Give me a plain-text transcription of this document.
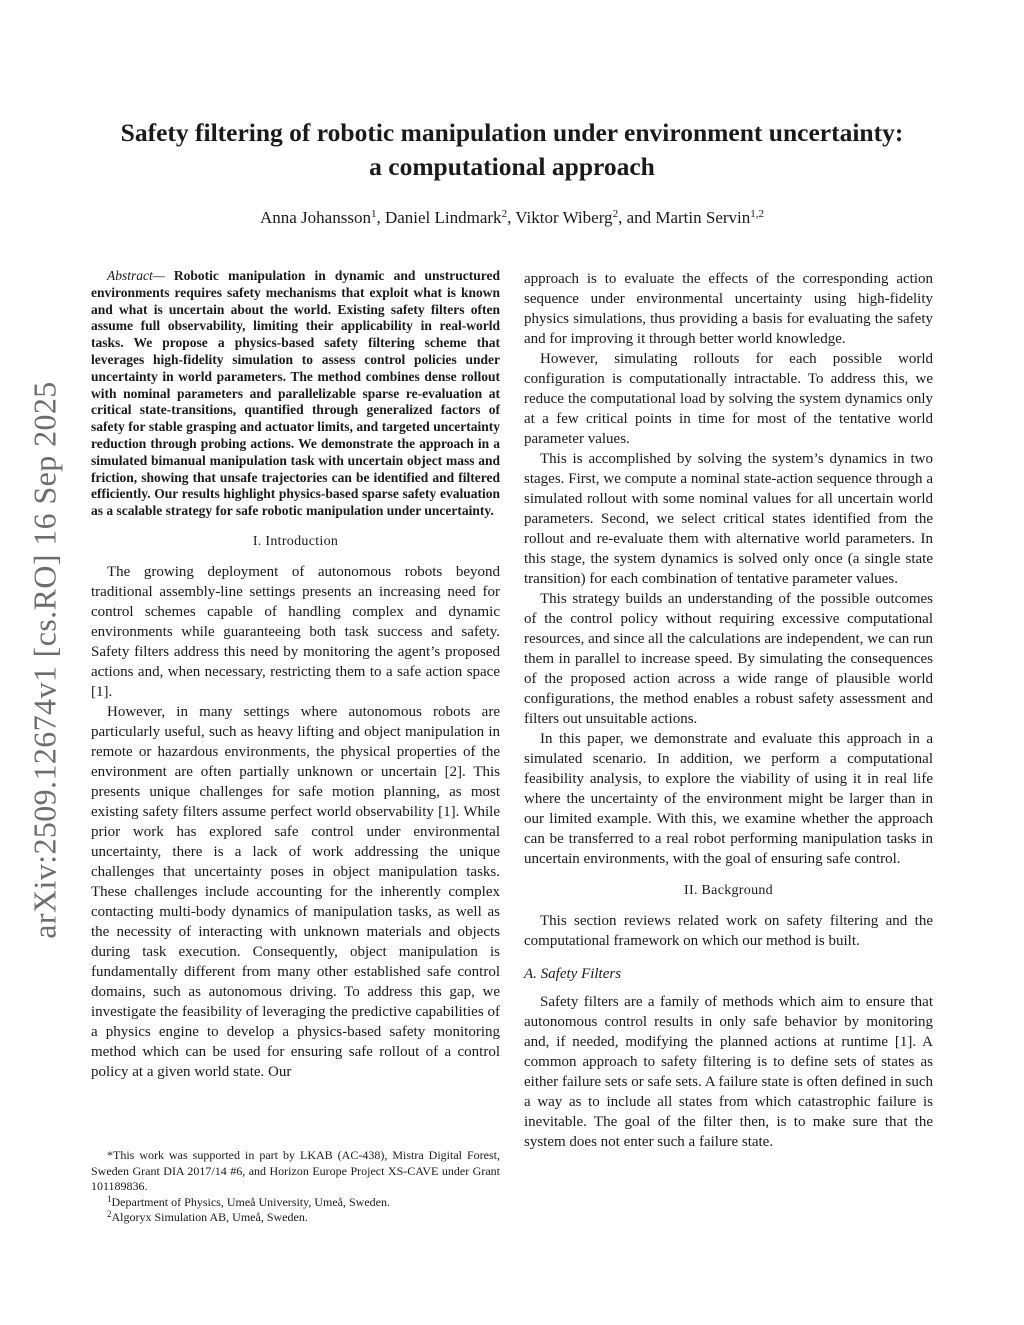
arXiv:2509.12674v1 [cs.RO] 16 Sep 2025
Safety filtering of robotic manipulation under environment uncertainty:
a computational approach

Anna Johansson$^1$, Daniel Lindmark$^2$, Viktor Wiberg$^2$, and Martin Servin$^{1,2}$

Abstract— Robotic manipulation in dynamic and unstructured environments requires safety mechanisms that exploit what is known and what is uncertain about the world. Existing safety filters often assume full observability, limiting their applicability in real-world tasks. We propose a physics-based safety filtering scheme that leverages high-fidelity simulation to assess control policies under uncertainty in world parameters. The method combines dense rollout with nominal parameters and parallelizable sparse re-evaluation at critical state-transitions, quantified through generalized factors of safety for stable grasping and actuator limits, and targeted uncertainty reduction through probing actions. We demonstrate the approach in a simulated bimanual manipulation task with uncertain object mass and friction, showing that unsafe trajectories can be identified and filtered efficiently. Our results highlight physics-based sparse safety evaluation as a scalable strategy for safe robotic manipulation under uncertainty.

I. Introduction

The growing deployment of autonomous robots beyond traditional assembly-line settings presents an increasing need for control schemes capable of handling complex and dynamic environments while guaranteeing both task success and safety. Safety filters address this need by monitoring the agent’s proposed actions and, when necessary, restricting them to a safe action space [1].

However, in many settings where autonomous robots are particularly useful, such as heavy lifting and object manipulation in remote or hazardous environments, the physical properties of the environment are often partially unknown or uncertain [2]. This presents unique challenges for safe motion planning, as most existing safety filters assume perfect world observability [1]. While prior work has explored safe control under environmental uncertainty, there is a lack of work addressing the unique challenges that uncertainty poses in object manipulation tasks. These challenges include accounting for the inherently complex contacting multi-body dynamics of manipulation tasks, as well as the necessity of interacting with unknown materials and objects during task execution. Consequently, object manipulation is fundamentally different from many other established safe control domains, such as autonomous driving. To address this gap, we investigate the feasibility of leveraging the predictive capabilities of a physics engine to develop a physics-based safety monitoring method which can be used for ensuring safe rollout of a control policy at a given world state. Our

approach is to evaluate the effects of the corresponding action sequence under environmental uncertainty using high-fidelity physics simulations, thus providing a basis for evaluating the safety and for improving it through better world knowledge.

However, simulating rollouts for each possible world configuration is computationally intractable. To address this, we reduce the computational load by solving the system dynamics only at a few critical points in time for most of the tentative world parameter values.

This is accomplished by solving the system’s dynamics in two stages. First, we compute a nominal state-action sequence through a simulated rollout with some nominal values for all uncertain world parameters. Second, we select critical states identified from the rollout and re-evaluate them with alternative world parameters. In this stage, the system dynamics is solved only once (a single state transition) for each combination of tentative parameter values.

This strategy builds an understanding of the possible outcomes of the control policy without requiring excessive computational resources, and since all the calculations are independent, we can run them in parallel to increase speed. By simulating the consequences of the proposed action across a wide range of plausible world configurations, the method enables a robust safety assessment and filters out unsuitable actions.

In this paper, we demonstrate and evaluate this approach in a simulated scenario. In addition, we perform a computational feasibility analysis, to explore the viability of using it in real life where the uncertainty of the environment might be larger than in our limited example. With this, we examine whether the approach can be transferred to a real robot performing manipulation tasks in uncertain environments, with the goal of ensuring safe control.

II. Background

This section reviews related work on safety filtering and the computational framework on which our method is built.

A. Safety Filters

Safety filters are a family of methods which aim to ensure that autonomous control results in only safe behavior by monitoring and, if needed, modifying the planned actions at runtime [1]. A common approach to safety filtering is to define sets of states as either failure sets or safe sets. A failure state is often defined in such a way as to include all states from which catastrophic failure is inevitable. The goal of the filter then, is to make sure that the system does not enter such a failure state.

*This work was supported in part by LKAB (AC-438), Mistra Digital Forest, Sweden Grant DIA 2017/14 #6, and Horizon Europe Project XS-CAVE under Grant 101189836.

$^1$Department of Physics, Umeå University, Umeå, Sweden.

$^2$Algoryx Simulation AB, Umeå, Sweden.
